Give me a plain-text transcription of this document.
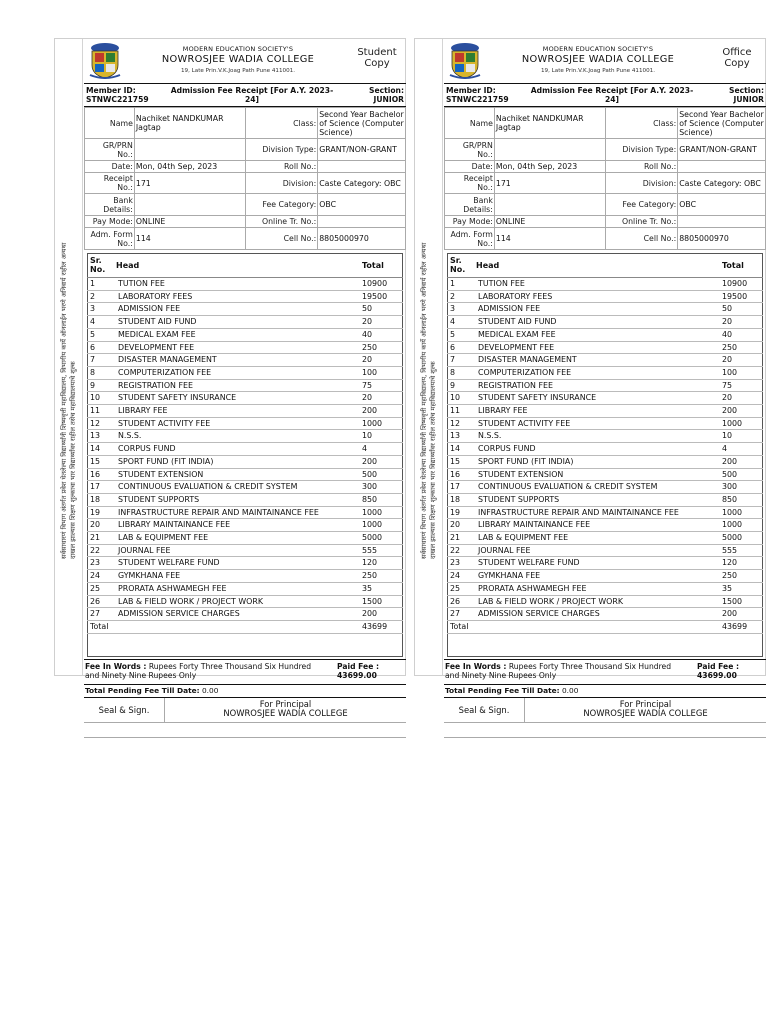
सर्वसाधारणं विभाग अंतर्गत प्रवेश घेतलेल्या विद्यार्थ्यांनी शिष्यवृत्ती महाविद्यालय, विभागीय कार्ये ऑनलाईन भरणे अनिवार्य राहील अन्यथा दाखल झाल्यास शिक्षण शुल्काचा भार विद्यार्थ्यांवर राहील तसेच महाविद्यालयाचे शुल्क
MODERN EDUCATION SOCIETY'S
NOWROSJEE WADIA COLLEGE
19, Late Prin.V.K.Joag Path Pune 411001.
Student Copy
Member ID:
STNWC221759
Admission Fee Receipt [For A.Y. 2023-24]
Section:
JUNIOR
Name	Nachiket NANDKUMAR Jagtap	Class:	Second Year Bachelor of Science (Computer Science)
GR/PRN No.:		Division Type:	GRANT/NON-GRANT
Date:	Mon, 04th Sep, 2023	Roll No.:	
Receipt No.:	171	Division:	Caste Category: OBC
Bank Details:		Fee Category:	OBC
Pay Mode:	ONLINE	Online Tr. No.:	
Adm. Form No.:	114	Cell No.:	8805000970
Sr. No.	Head	Total
1	TUTION FEE	10900
2	LABORATORY FEES	19500
3	ADMISSION FEE	50
4	STUDENT AID FUND	20
5	MEDICAL EXAM FEE	40
6	DEVELOPMENT FEE	250
7	DISASTER MANAGEMENT	20
8	COMPUTERIZATION FEE	100
9	REGISTRATION FEE	75
10	STUDENT SAFETY INSURANCE	20
11	LIBRARY FEE	200
12	STUDENT ACTIVITY FEE	1000
13	N.S.S.	10
14	CORPUS FUND	4
15	SPORT FUND (FIT INDIA)	200
16	STUDENT EXTENSION	500
17	CONTINUOUS EVALUATION & CREDIT SYSTEM	300
18	STUDENT SUPPORTS	850
19	INFRASTRUCTURE REPAIR AND MAINTAINANCE FEE	1000
20	LIBRARY MAINTAINANCE FEE	1000
21	LAB & EQUIPMENT FEE	5000
22	JOURNAL FEE	555
23	STUDENT WELFARE FUND	120
24	GYMKHANA FEE	250
25	PRORATA ASHWAMEGH FEE	35
26	LAB & FIELD WORK / PROJECT WORK	1500
27	ADMISSION SERVICE CHARGES	200
Total		43699

Fee In Words : Rupees Forty Three Thousand Six Hundred and Ninety Nine Rupees Only
Paid Fee :
43699.00
Total Pending Fee Till Date: 0.00
Seal & Sign.
For Principal
NOWROSJEE WADIA COLLEGE
सर्वसाधारणं विभाग अंतर्गत प्रवेश घेतलेल्या विद्यार्थ्यांनी शिष्यवृत्ती महाविद्यालय, विभागीय कार्ये ऑनलाईन भरणे अनिवार्य राहील अन्यथा दाखल झाल्यास शिक्षण शुल्काचा भार विद्यार्थ्यांवर राहील तसेच महाविद्यालयाचे शुल्क
MODERN EDUCATION SOCIETY'S
NOWROSJEE WADIA COLLEGE
19, Late Prin.V.K.Joag Path Pune 411001.
Office Copy
Member ID:
STNWC221759
Admission Fee Receipt [For A.Y. 2023-24]
Section:
JUNIOR
Name	Nachiket NANDKUMAR Jagtap	Class:	Second Year Bachelor of Science (Computer Science)
GR/PRN No.:		Division Type:	GRANT/NON-GRANT
Date:	Mon, 04th Sep, 2023	Roll No.:	
Receipt No.:	171	Division:	Caste Category: OBC
Bank Details:		Fee Category:	OBC
Pay Mode:	ONLINE	Online Tr. No.:	
Adm. Form No.:	114	Cell No.:	8805000970
Sr. No.	Head	Total
1	TUTION FEE	10900
2	LABORATORY FEES	19500
3	ADMISSION FEE	50
4	STUDENT AID FUND	20
5	MEDICAL EXAM FEE	40
6	DEVELOPMENT FEE	250
7	DISASTER MANAGEMENT	20
8	COMPUTERIZATION FEE	100
9	REGISTRATION FEE	75
10	STUDENT SAFETY INSURANCE	20
11	LIBRARY FEE	200
12	STUDENT ACTIVITY FEE	1000
13	N.S.S.	10
14	CORPUS FUND	4
15	SPORT FUND (FIT INDIA)	200
16	STUDENT EXTENSION	500
17	CONTINUOUS EVALUATION & CREDIT SYSTEM	300
18	STUDENT SUPPORTS	850
19	INFRASTRUCTURE REPAIR AND MAINTAINANCE FEE	1000
20	LIBRARY MAINTAINANCE FEE	1000
21	LAB & EQUIPMENT FEE	5000
22	JOURNAL FEE	555
23	STUDENT WELFARE FUND	120
24	GYMKHANA FEE	250
25	PRORATA ASHWAMEGH FEE	35
26	LAB & FIELD WORK / PROJECT WORK	1500
27	ADMISSION SERVICE CHARGES	200
Total		43699

Fee In Words : Rupees Forty Three Thousand Six Hundred and Ninety Nine Rupees Only
Paid Fee :
43699.00
Total Pending Fee Till Date: 0.00
Seal & Sign.
For Principal
NOWROSJEE WADIA COLLEGE
